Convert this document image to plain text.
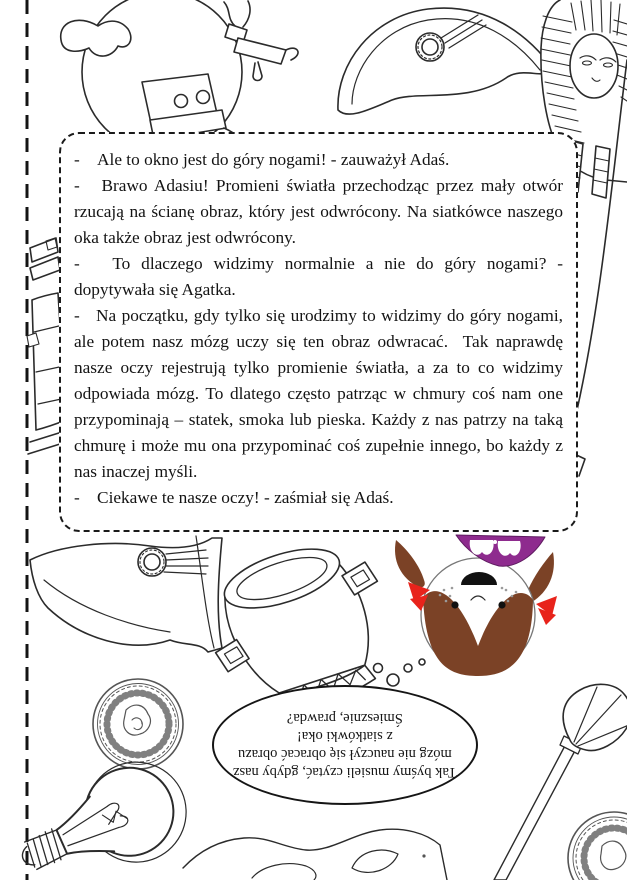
-    Ale to okno jest do góry nogami! - zauważył Adaś.

-   Brawo Adasiu! Promieni światła przechodząc przez mały otwór rzucają na ścianę obraz, który jest odwrócony. Na siatkówce naszego oka także obraz jest odwrócony.

-   To dlaczego widzimy normalnie a nie do góry nogami? - dopytywała się Agatka.

-   Na początku, gdy tylko się urodzimy to widzimy do góry nogami, ale potem nasz mózg uczy się ten obraz odwracać.  Tak naprawdę nasze oczy rejestrują tylko promienie światła, a za to co widzimy odpowiada mózg. To dlatego często patrząc w chmury coś nam one przypominają – statek, smoka lub pieska. Każdy z nas patrzy na taką chmurę i może mu ona przypominać coś zupełnie innego, bo każdy z nas inaczej myśli.

-    Ciekawe te nasze oczy! - zaśmiał się Adaś.

Tak byśmy musieli czytać, gdyby nasz
mózg nie nauczył się obracać obrazu
z siatkówki oka!
Śmiesznie, prawda?
